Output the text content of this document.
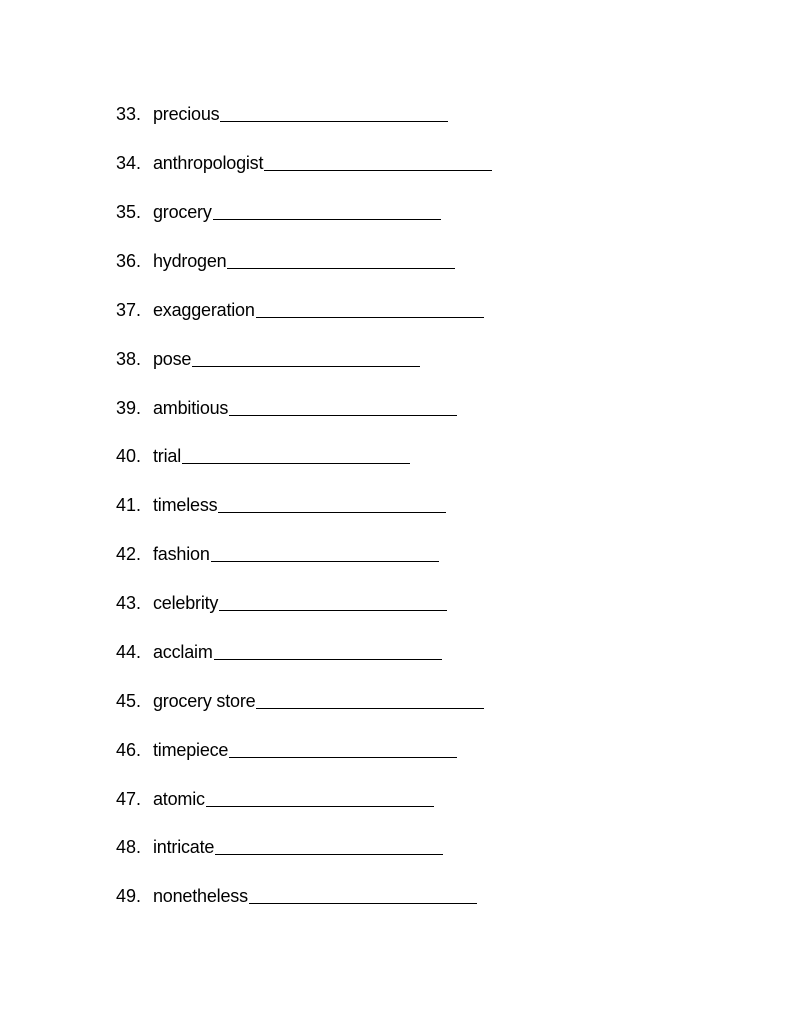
33. precious
34. anthropologist
35. grocery
36. hydrogen
37. exaggeration
38. pose
39. ambitious
40. trial
41. timeless
42. fashion
43. celebrity
44. acclaim
45. grocery store
46. timepiece
47. atomic
48. intricate
49. nonetheless
